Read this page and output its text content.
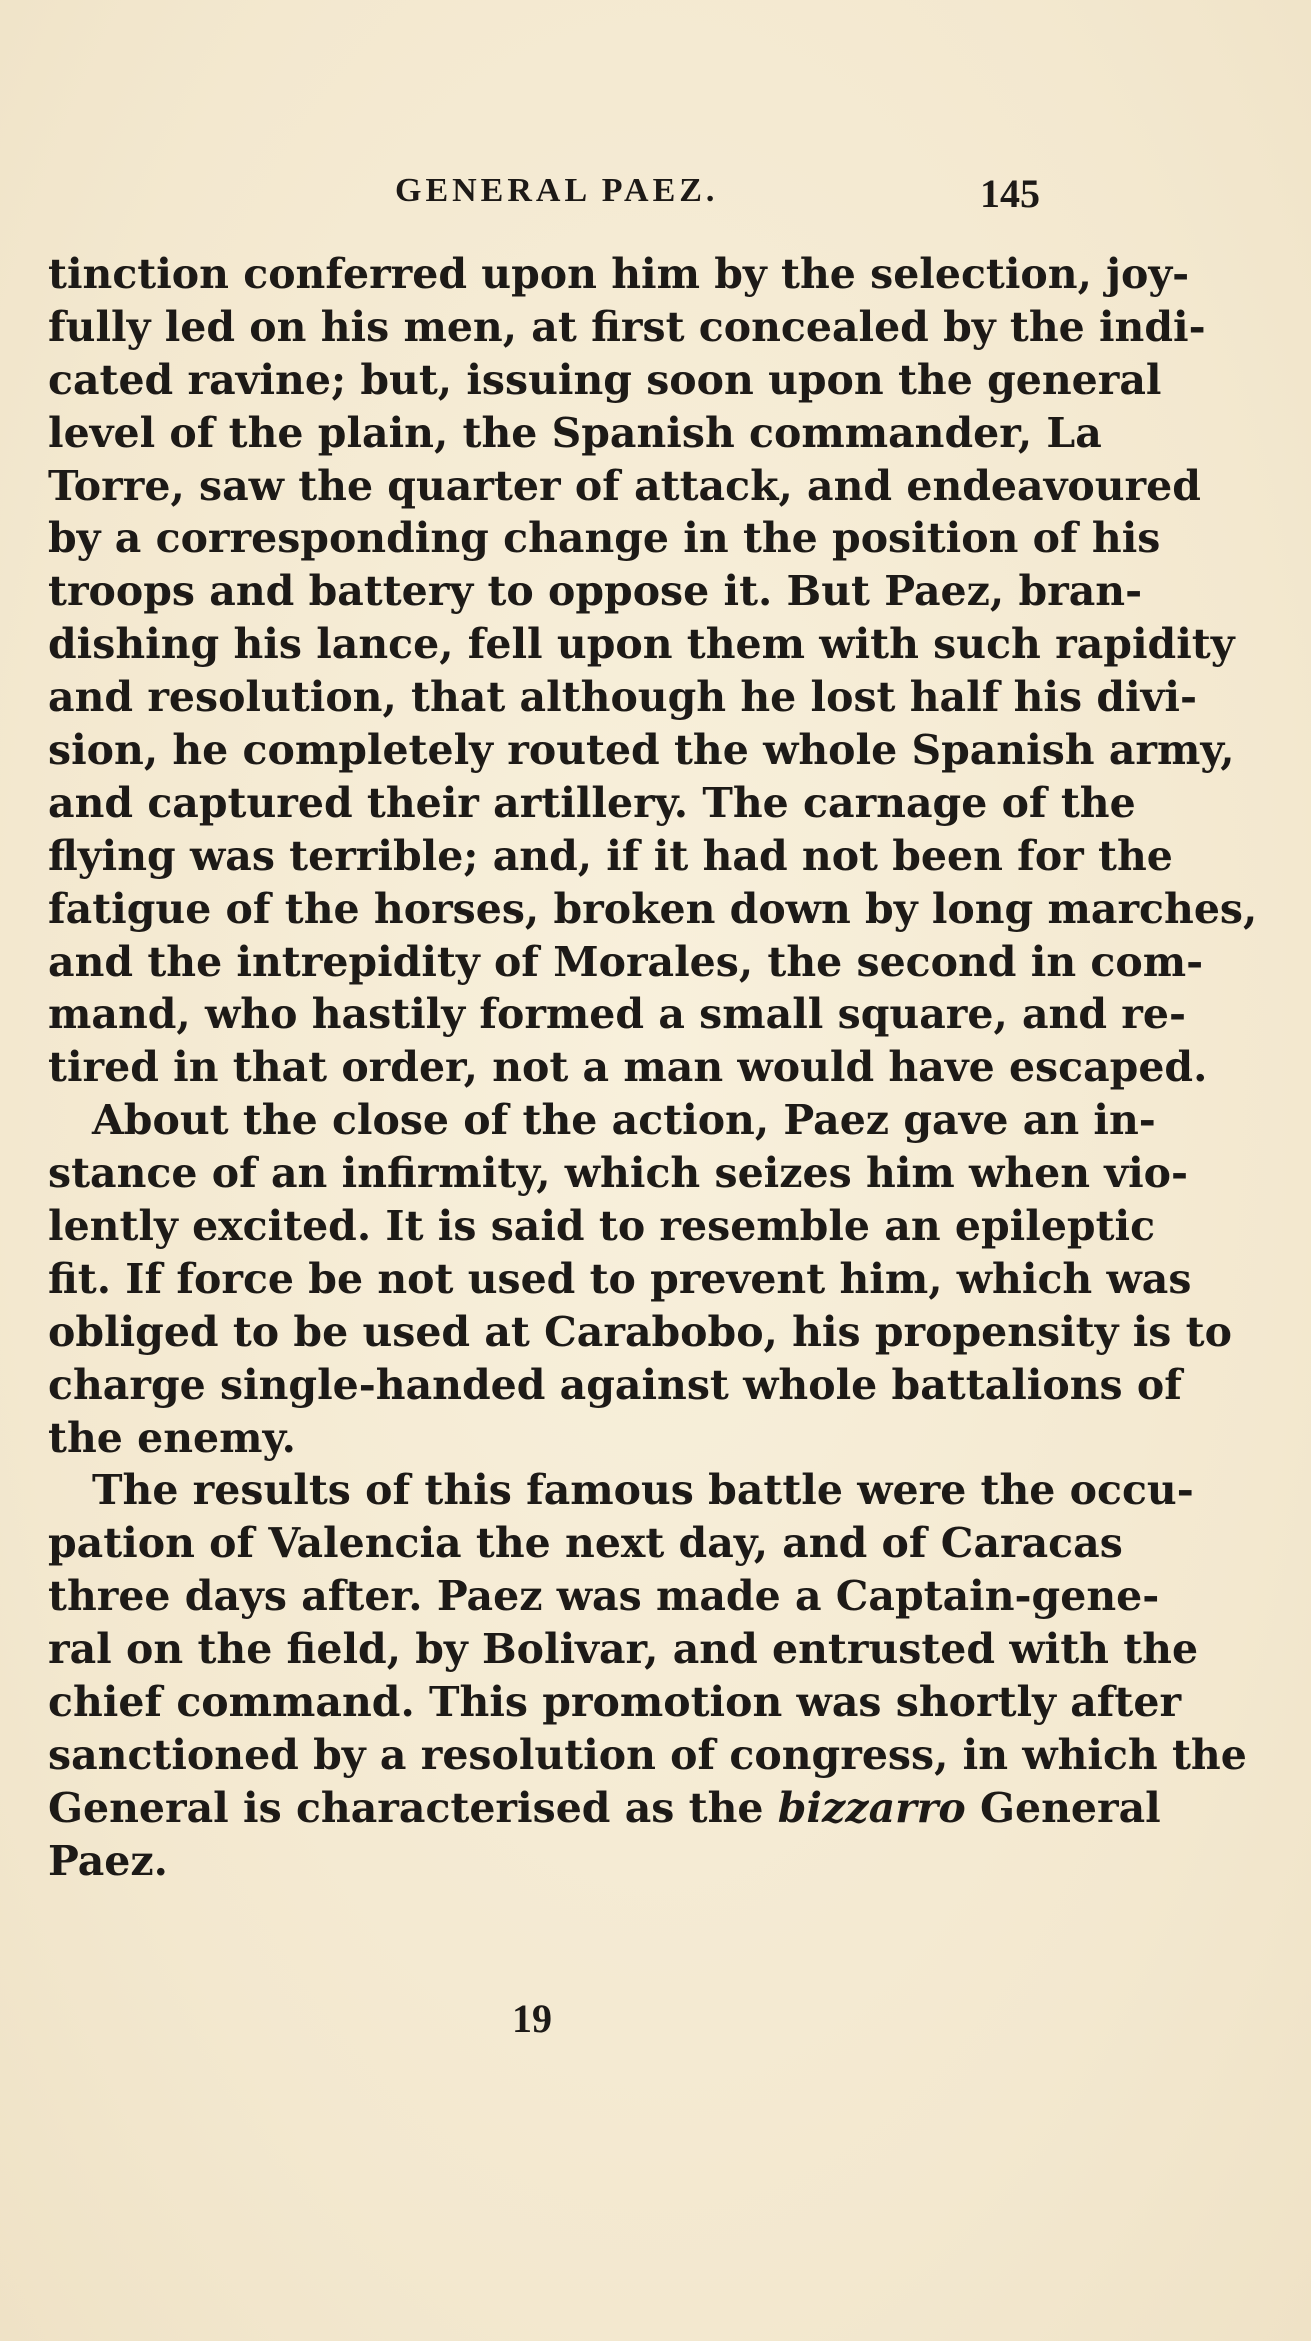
GENERAL PAEZ.	145
tinction conferred upon him by the selection, joy-
fully led on his men, at first concealed by the indi-
cated ravine; but, issuing soon upon the general
level of the plain, the Spanish commander, La
Torre, saw the quarter of attack, and endeavoured
by a corresponding change in the position of his
troops and battery to oppose it. But Paez, bran-
dishing his lance, fell upon them with such rapidity
and resolution, that although he lost half his divi-
sion, he completely routed the whole Spanish army,
and captured their artillery. The carnage of the
flying was terrible; and, if it had not been for the
fatigue of the horses, broken down by long marches,
and the intrepidity of Morales, the second in com-
mand, who hastily formed a small square, and re-
tired in that order, not a man would have escaped.
About the close of the action, Paez gave an in-
stance of an infirmity, which seizes him when vio-
lently excited. It is said to resemble an epileptic
fit. If force be not used to prevent him, which was
obliged to be used at Carabobo, his propensity is to
charge single-handed against whole battalions of
the enemy.
The results of this famous battle were the occu-
pation of Valencia the next day, and of Caracas
three days after. Paez was made a Captain-gene-
ral on the field, by Bolivar, and entrusted with the
chief command. This promotion was shortly after
sanctioned by a resolution of congress, in which the
General is characterised as the bizzarro General
Paez.
19
